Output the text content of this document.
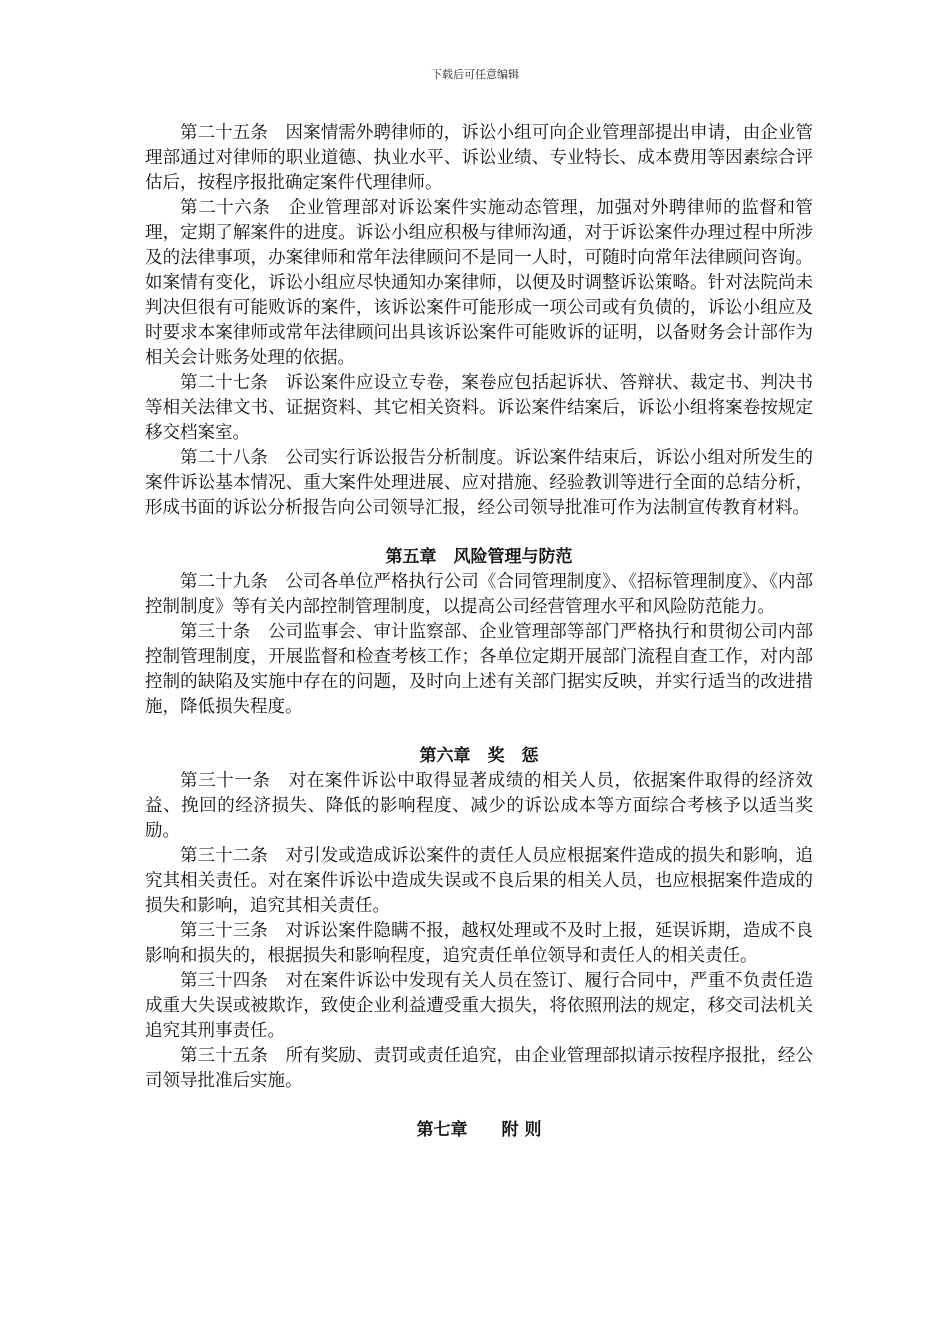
下载后可任意编辑

第二十五条　 因案情需外聘律师的，诉讼小组可向企业管理部提出申请，由企业管理部通过对律师的职业道德、执业水平、诉讼业绩、专业特长、成本费用等因素综合评估后，按程序报批确定案件代理律师。

第二十六条　 企业管理部对诉讼案件实施动态管理，加强对外聘律师的监督和管理，定期了解案件的进度。诉讼小组应积极与律师沟通，对于诉讼案件办理过程中所涉及的法律事项，办案律师和常年法律顾问不是同一人时，可随时向常年法律顾问咨询。如案情有变化，诉讼小组应尽快通知办案律师，以便及时调整诉讼策略。针对法院尚未判决但很有可能败诉的案件，该诉讼案件可能形成一项公司或有负债的，诉讼小组应及时要求本案律师或常年法律顾问出具该诉讼案件可能败诉的证明，以备财务会计部作为相关会计账务处理的依据。

第二十七条　 诉讼案件应设立专卷，案卷应包括起诉状、答辩状、裁定书、判决书等相关法律文书、证据资料、其它相关资料。诉讼案件结案后，诉讼小组将案卷按规定移交档案室。

第二十八条　 公司实行诉讼报告分析制度。诉讼案件结束后，诉讼小组对所发生的案件诉讼基本情况、重大案件处理进展、应对措施、经验教训等进行全面的总结分析，形成书面的诉讼分析报告向公司领导汇报，经公司领导批准可作为法制宣传教育材料。

第五章　风险管理与防范

第二十九条　 公司各单位严格执行公司《合同管理制度》、《招标管理制度》、《内部控制制度》等有关内部控制管理制度，以提高公司经营管理水平和风险防范能力。

第三十条　 公司监事会、审计监察部、企业管理部等部门严格执行和贯彻公司内部控制管理制度，开展监督和检查考核工作；各单位定期开展部门流程自查工作，对内部控制的缺陷及实施中存在的问题，及时向上述有关部门据实反映，并实行适当的改进措施，降低损失程度。

第六章　奖　惩

第三十一条　 对在案件诉讼中取得显著成绩的相关人员，依据案件取得的经济效益、挽回的经济损失、降低的影响程度、减少的诉讼成本等方面综合考核予以适当奖励。

第三十二条　 对引发或造成诉讼案件的责任人员应根据案件造成的损失和影响，追究其相关责任。对在案件诉讼中造成失误或不良后果的相关人员，也应根据案件造成的损失和影响，追究其相关责任。

第三十三条　 对诉讼案件隐瞒不报，越权处理或不及时上报，延误诉期，造成不良影响和损失的，根据损失和影响程度，追究责任单位领导和责任人的相关责任。

第三十四条　 对在案件诉讼中发现有关人员在签订、履行合同中，严重不负责任造成重大失误或被欺诈，致使企业利益遭受重大损失，将依照刑法的规定，移交司法机关追究其刑事责任。

第三十五条　 所有奖励、责罚或责任追究，由企业管理部拟请示按程序报批，经公司领导批准后实施。

第七章　　附 则
